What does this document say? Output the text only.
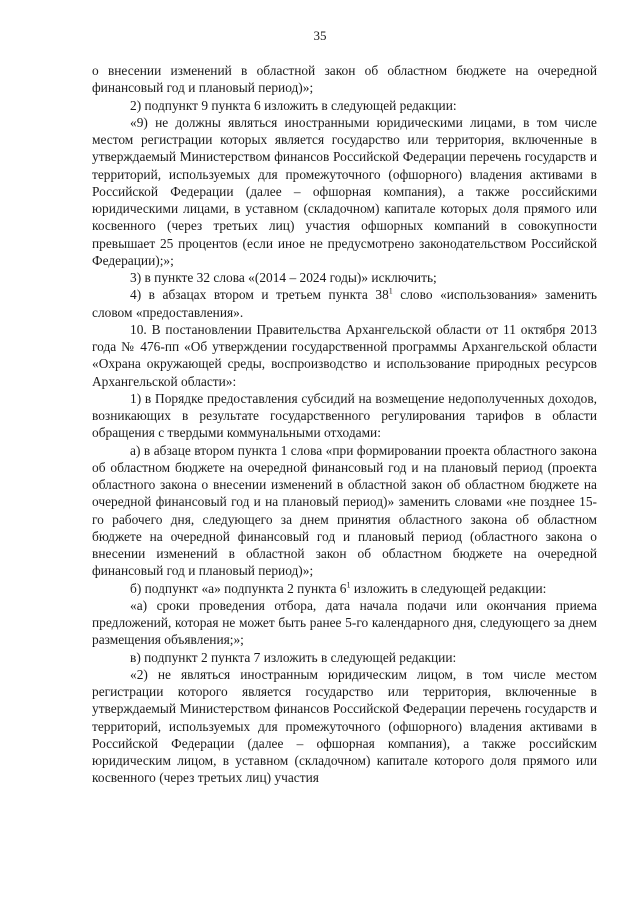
35

о внесении изменений в областной закон об областном бюджете на очередной финансовый год и плановый период)»;

2) подпункт 9 пункта 6 изложить в следующей редакции:

«9) не должны являться иностранными юридическими лицами, в том числе местом регистрации которых является государство или территория, включенные в утверждаемый Министерством финансов Российской Федерации перечень государств и территорий, используемых для промежуточного (офшорного) владения активами в Российской Федерации (далее – офшорная компания), а также российскими юридическими лицами, в уставном (складочном) капитале которых доля прямого или косвенного (через третьих лиц) участия офшорных компаний в совокупности превышает 25 процентов (если иное не предусмотрено законодательством Российской Федерации);»;

3) в пункте 32 слова «(2014 – 2024 годы)» исключить;

4) в абзацах втором и третьем пункта $38^1$ слово «использования» заменить словом «предоставления».

10. В постановлении Правительства Архангельской области от 11 октября 2013 года № 476-пп «Об утверждении государственной программы Архангельской области «Охрана окружающей среды, воспроизводство и использование природных ресурсов Архангельской области»:

1) в Порядке предоставления субсидий на возмещение недополученных доходов, возникающих в результате государственного регулирования тарифов в области обращения с твердыми коммунальными отходами:

а) в абзаце втором пункта 1 слова «при формировании проекта областного закона об областном бюджете на очередной финансовый год и на плановый период (проекта областного закона о внесении изменений в областной закон об областном бюджете на очередной финансовый год и на плановый период)» заменить словами «не позднее 15-го рабочего дня, следующего за днем принятия областного закона об областном бюджете на очередной финансовый год и плановый период (областного закона о внесении изменений в областной закон об областном бюджете на очередной финансовый год и плановый период)»;

б) подпункт «а» подпункта 2 пункта $6^1$ изложить в следующей редакции:

«а) сроки проведения отбора, дата начала подачи или окончания приема предложений, которая не может быть ранее 5-го календарного дня, следующего за днем размещения объявления;»;

в) подпункт 2 пункта 7 изложить в следующей редакции:

«2) не являться иностранным юридическим лицом, в том числе местом регистрации которого является государство или территория, включенные в утверждаемый Министерством финансов Российской Федерации перечень государств и территорий, используемых для промежуточного (офшорного) владения активами в Российской Федерации (далее – офшорная компания), а также российским юридическим лицом, в уставном (складочном) капитале которого доля прямого или косвенного (через третьих лиц) участия
